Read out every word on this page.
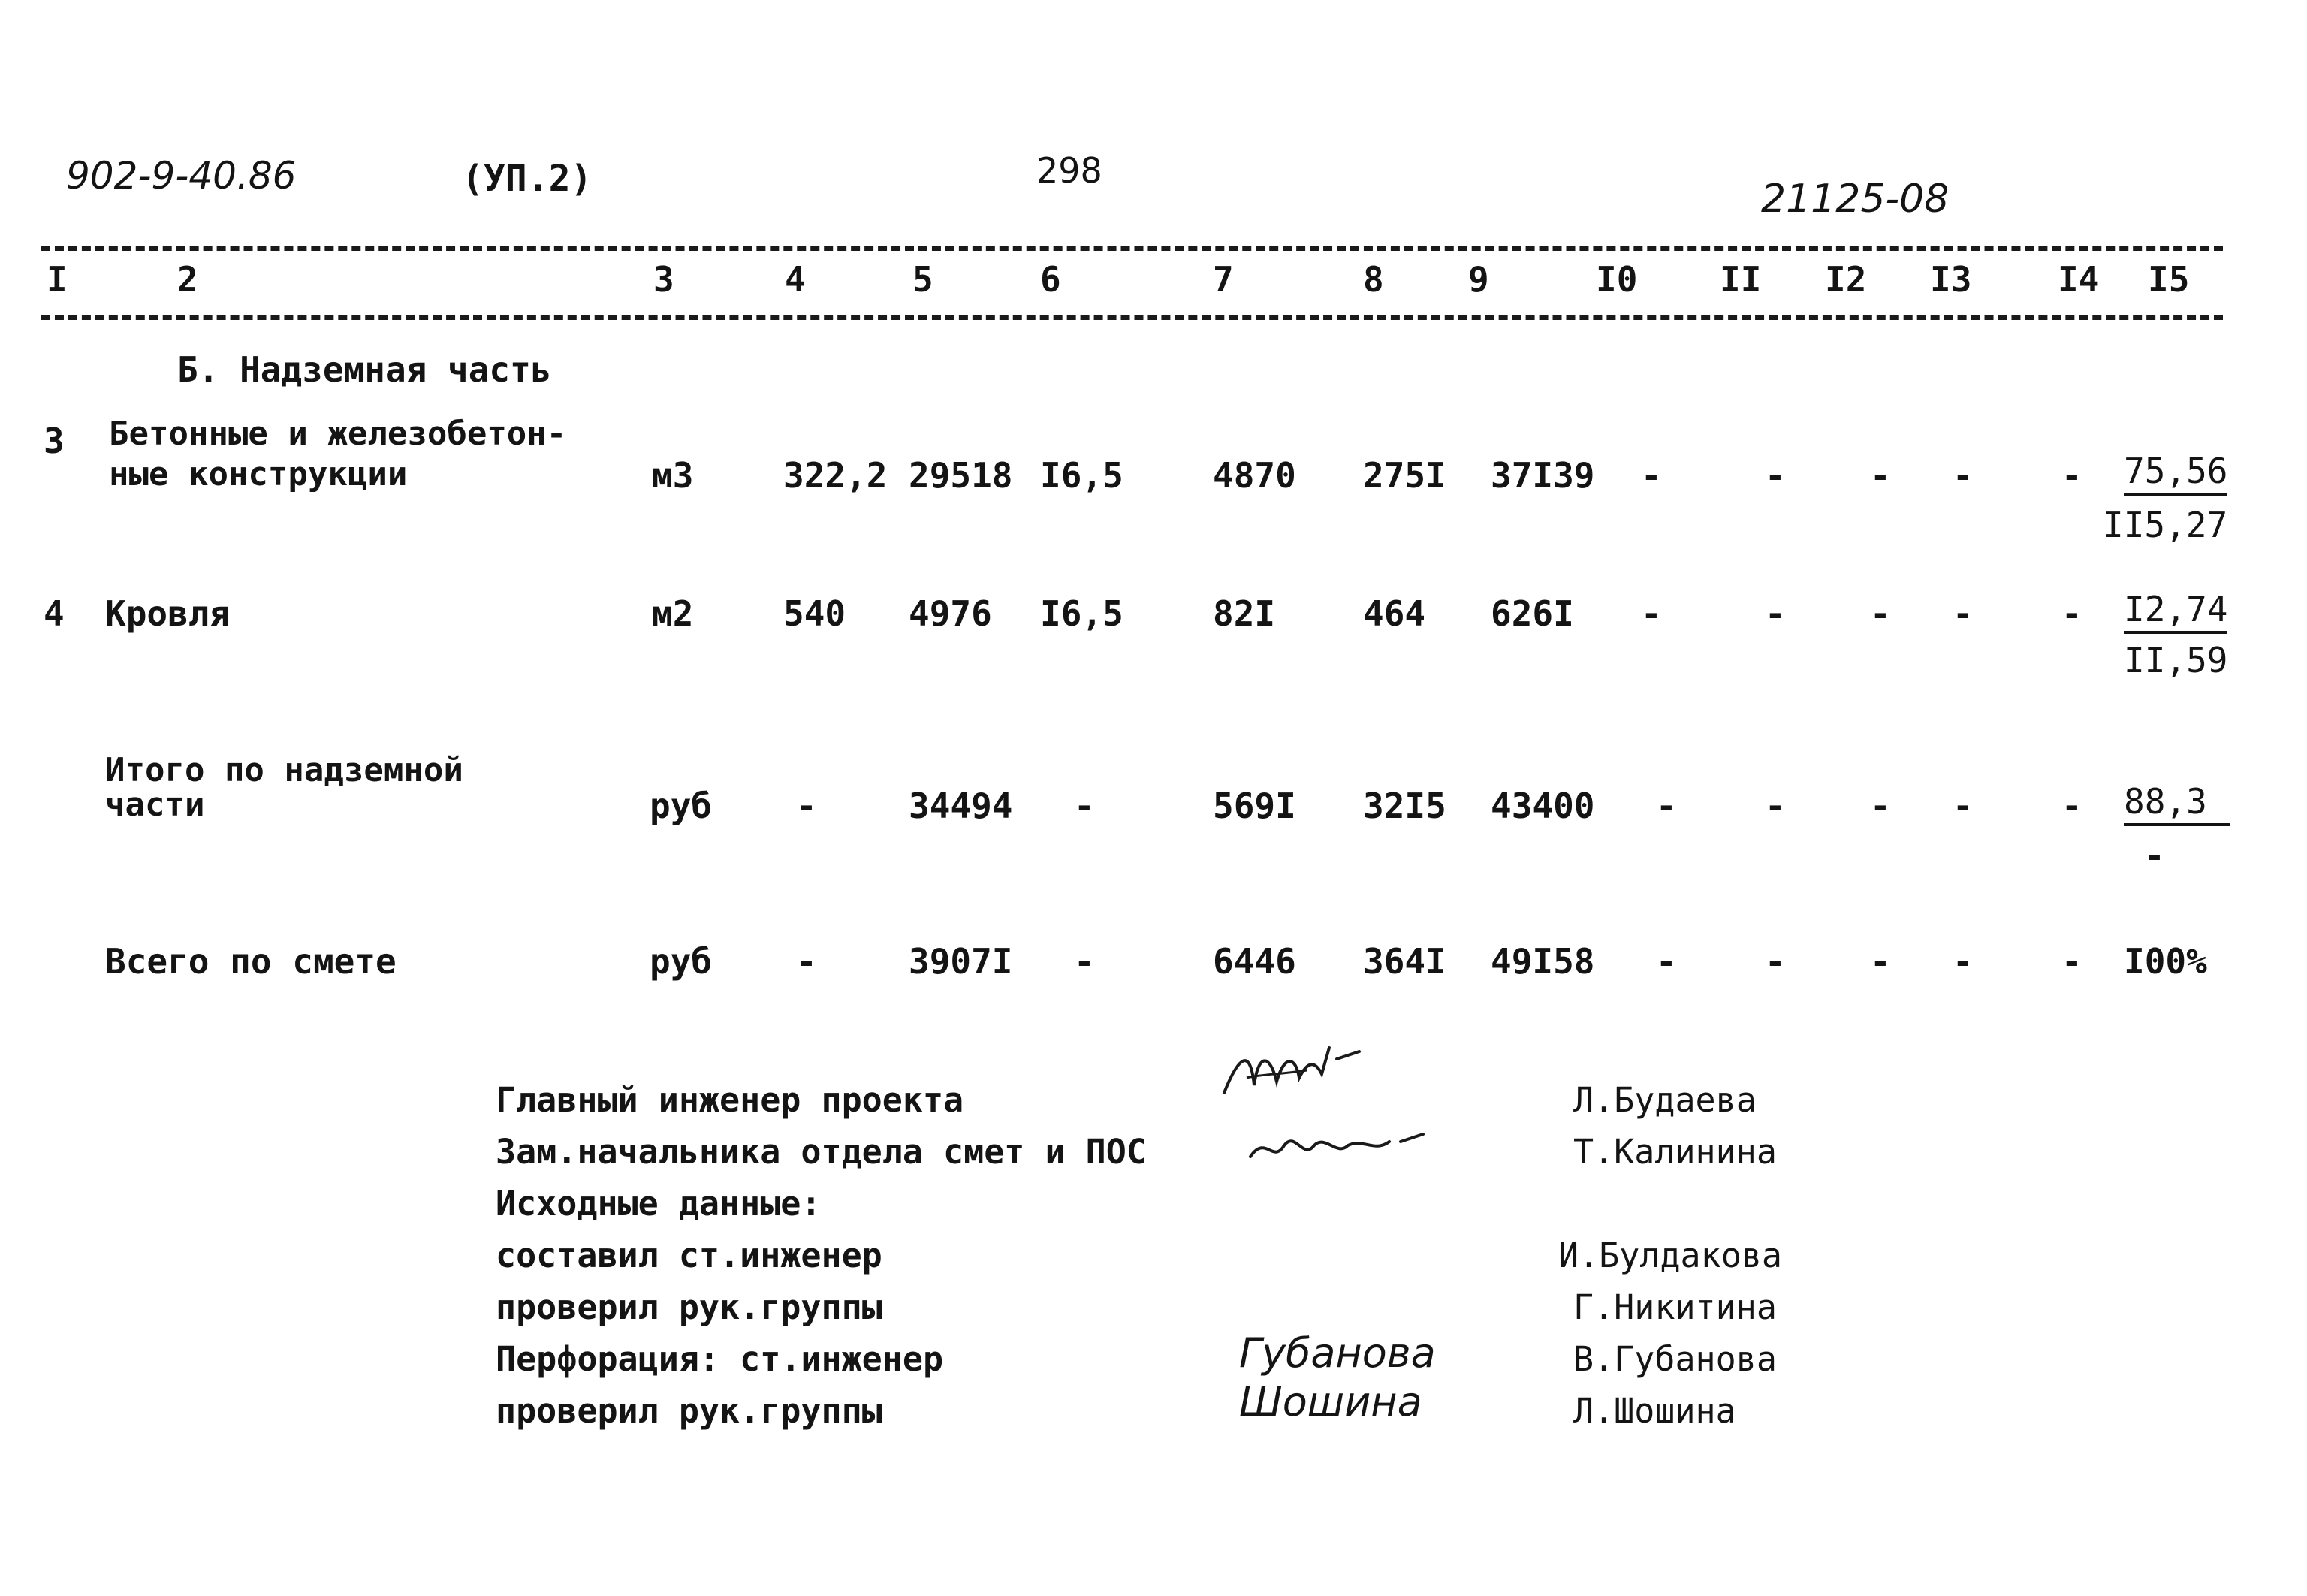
902-9-40.86	(УП.2)	298
21125-08
I	2	3	4	5	6	7	8 9	I0 II I2 I3 I4 I5
Б. Надземная часть
3 Бетонные и железобетон-
ные конструкции	м3	322,2 29518 I6,5	4870 275I 37I39 -	- - -	- 75,56
II5,27
4 Кровля	м2	540 4976 I6,5	82I	464 626I -	- - -	- I2,74
II,59
Итого по надземной
части	руб -	34494 -	569I 32I5 43400 -	- - -	- 88,3
-
Всего по смете	руб -	3907I -	6446 364I 49I58 -	- - -	- I00%
Главный инженер проекта	Л.Будаева
Зам.начальника отдела смет и ПОС	Т.Калинина
Исходные данные:
составил ст.инженер	И.Булдакова
проверил рук.группы	Г.Никитина
Перфорация: ст.инженер	В.Губанова
проверил рук.группы	Л.Шошина
Губанова
Шошина
